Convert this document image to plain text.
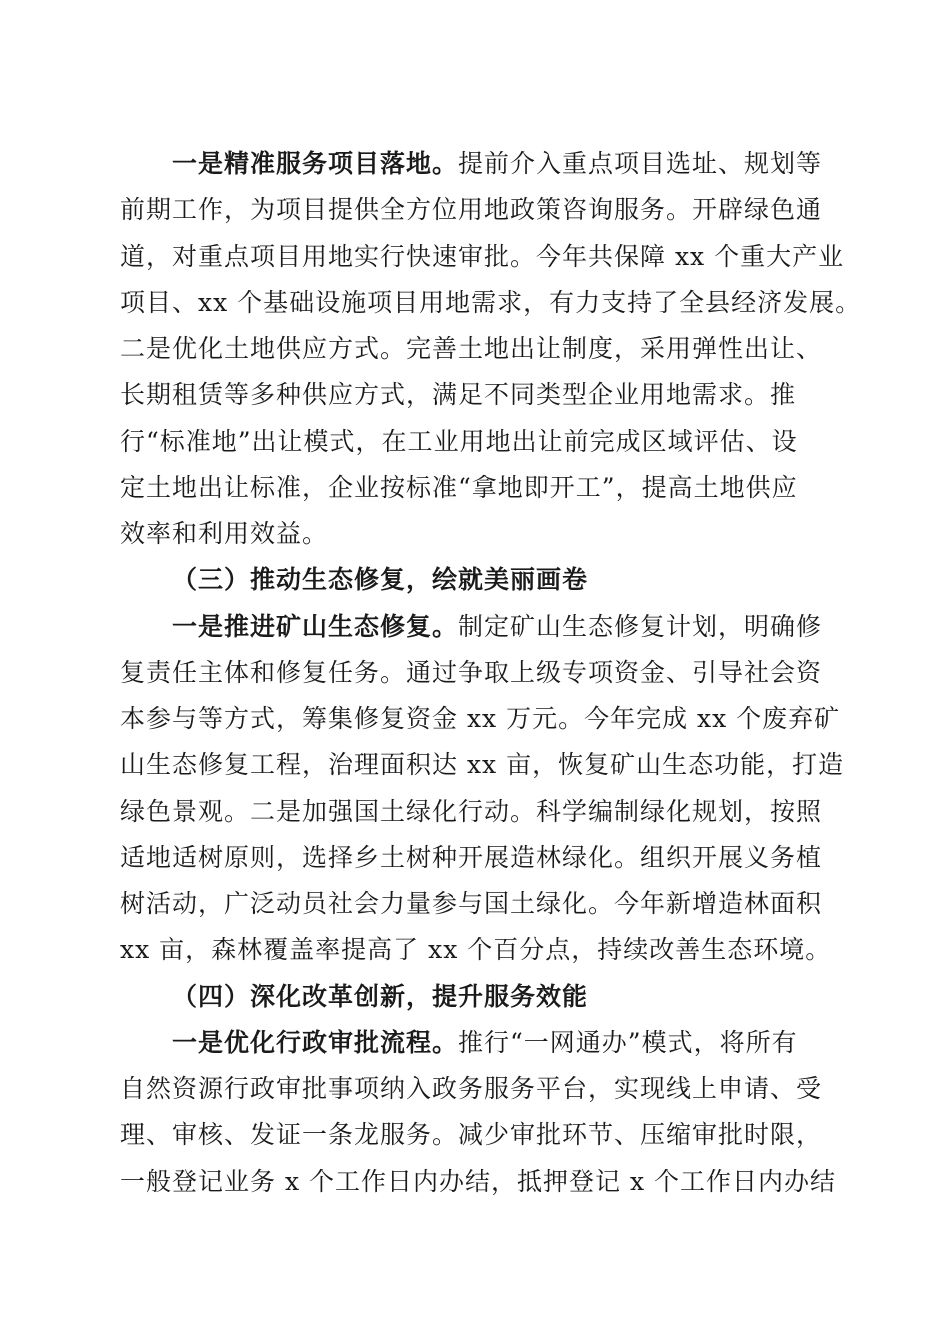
一是精准服务项目落地。提前介入重点项目选址、规划等
前期工作，为项目提供全方位用地政策咨询服务。开辟绿色通
道，对重点项目用地实行快速审批。今年共保障 xx 个重大产业
项目、xx 个基础设施项目用地需求，有力支持了全县经济发展。
二是优化土地供应方式。完善土地出让制度，采用弹性出让、
长期租赁等多种供应方式，满足不同类型企业用地需求。推
行“标准地”出让模式，在工业用地出让前完成区域评估、设
定土地出让标准，企业按标准“拿地即开工”，提高土地供应
效率和利用效益。
（三）推动生态修复，绘就美丽画卷
一是推进矿山生态修复。制定矿山生态修复计划，明确修
复责任主体和修复任务。通过争取上级专项资金、引导社会资
本参与等方式，筹集修复资金 xx 万元。今年完成 xx 个废弃矿
山生态修复工程，治理面积达 xx 亩，恢复矿山生态功能，打造
绿色景观。二是加强国土绿化行动。科学编制绿化规划，按照
适地适树原则，选择乡土树种开展造林绿化。组织开展义务植
树活动，广泛动员社会力量参与国土绿化。今年新增造林面积
xx 亩，森林覆盖率提高了 xx 个百分点，持续改善生态环境。
（四）深化改革创新，提升服务效能
一是优化行政审批流程。推行“一网通办”模式，将所有
自然资源行政审批事项纳入政务服务平台，实现线上申请、受
理、审核、发证一条龙服务。减少审批环节、压缩审批时限，
一般登记业务 x 个工作日内办结，抵押登记 x 个工作日内办结
